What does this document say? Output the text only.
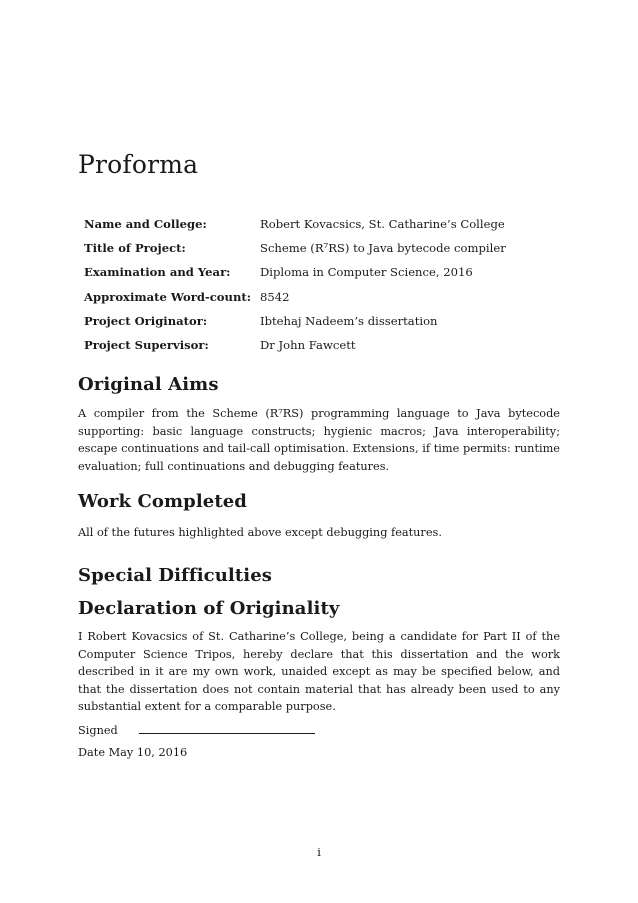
Proforma
Name and College:	Robert Kovacsics, St. Catharine’s College
Title of Project:	Scheme (R⁷RS) to Java bytecode compiler
Examination and Year:	Diploma in Computer Science, 2016
Approximate Word-count:	8542
Project Originator:	Ibtehaj Nadeem’s dissertation
Project Supervisor:	Dr John Fawcett
Original Aims

A compiler from the Scheme (R⁷RS) programming language to Java bytecode supporting: basic language constructs; hygienic macros; Java interoperability; escape continuations and tail-call optimisation. Extensions, if time permits: runtime evaluation; full continuations and debugging features.

Work Completed

All of the futures highlighted above except debugging features.

Special Difficulties
Declaration of Originality

I Robert Kovacsics of St. Catharine’s College, being a candidate for Part II of the Computer Science Tripos, hereby declare that this dissertation and the work described in it are my own work, unaided except as may be specified below, and that the dissertation does not contain material that has already been used to any substantial extent for a comparable purpose.

Signed
Date May 10, 2016
i
